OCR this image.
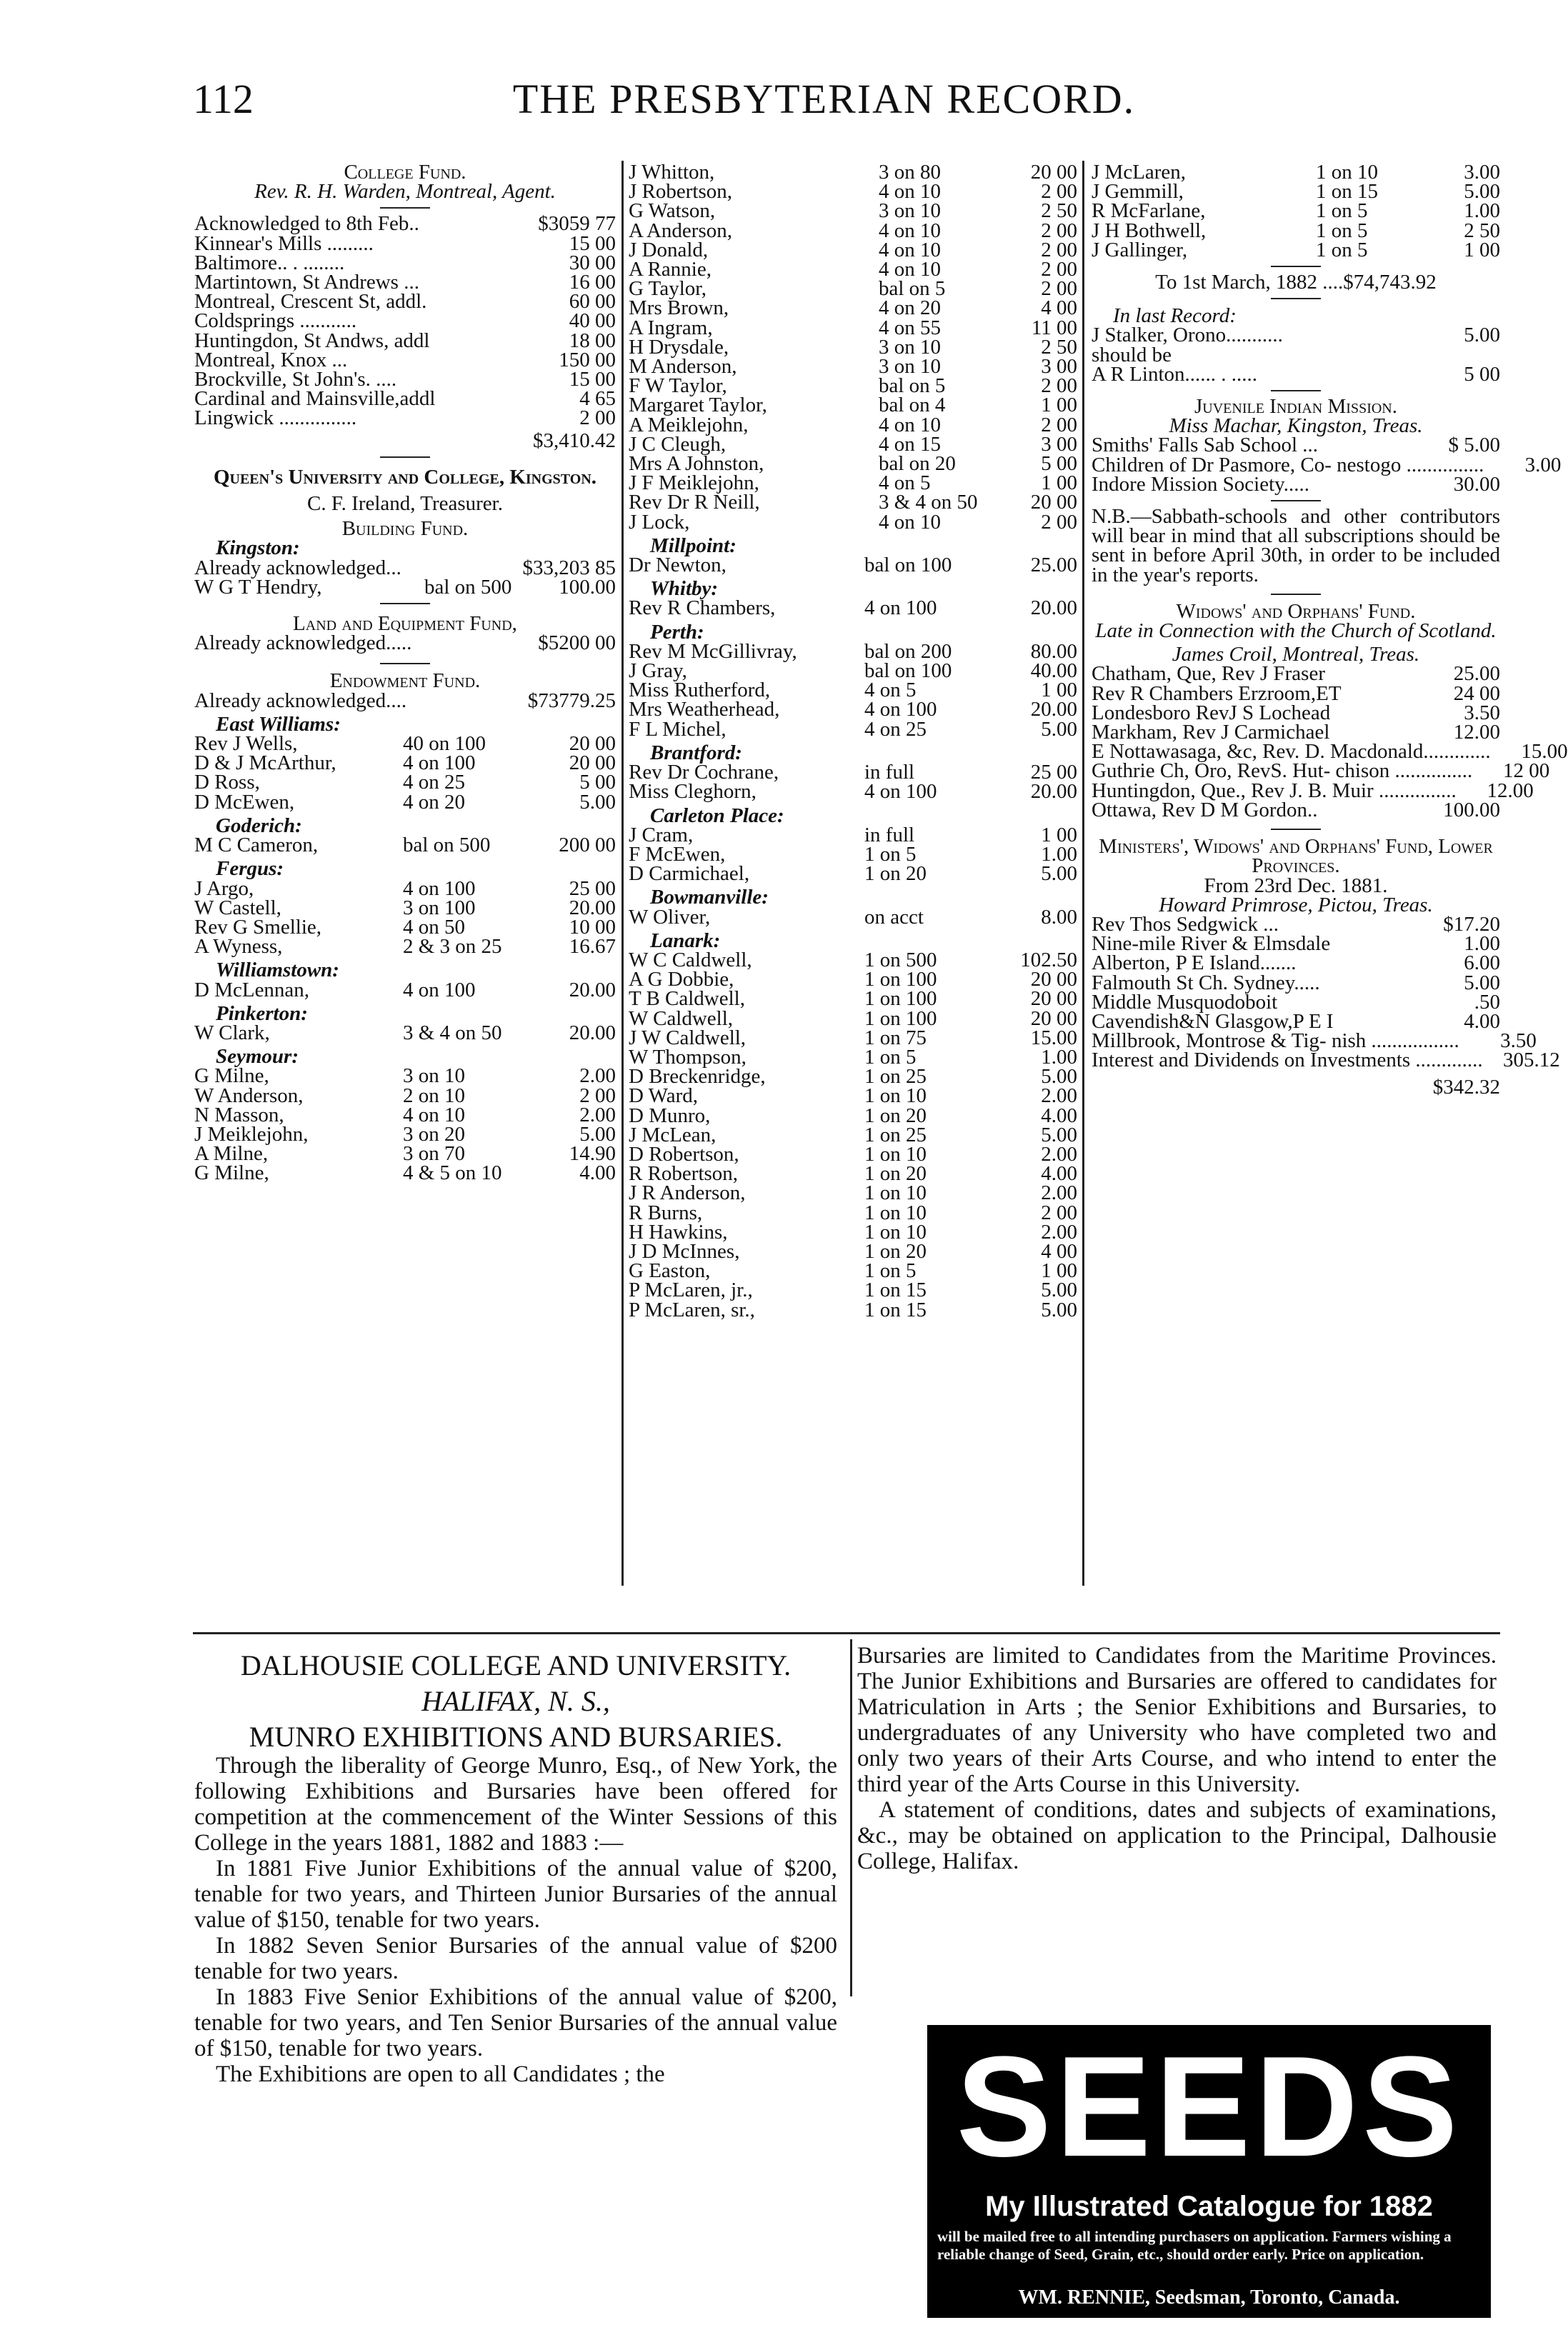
112	THE PRESBYTERIAN RECORD.
College Fund.
Rev. R. H. Warden, Montreal, Agent.
Acknowledged to 8th Feb..	$3059 77
Kinnear's Mills .........	15 00
Baltimore.. . ........	30 00
Martintown, St Andrews ...	16 00
Montreal, Crescent St, addl.	60 00
Coldsprings ...........	40 00
Huntingdon, St Andws, addl	18 00
Montreal, Knox ...	150 00
Brockville, St John's. ....	15 00
Cardinal and Mainsville,addl	4 65
Lingwick ...............	2 00
$3,410.42
Queen's University and College, Kingston.
C. F. Ireland, Treasurer.
Building Fund.
Kingston:
Already acknowledged...	$33,203 85
W G T Hendry,	bal on 500	100.00
Land and Equipment Fund,
Already acknowledged.....	$5200 00
Endowment Fund.
Already acknowledged....	$73779.25
East Williams:
Rev J Wells,	40 on 100	20 00
D & J McArthur,	4 on 100	20 00
D Ross,	4 on 25	5 00
D McEwen,	4 on 20	5.00
Goderich:
M C Cameron,	bal on 500	200 00
Fergus:
J Argo,	4 on 100	25 00
W Castell,	3 on 100	20.00
Rev G Smellie,	4 on 50	10 00
A Wyness,	2 & 3 on 25	16.67
Williamstown:
D McLennan,	4 on 100	20.00
Pinkerton:
W Clark,	3 & 4 on 50	20.00
Seymour:
G Milne,	3 on 10	2.00
W Anderson,	2 on 10	2 00
N Masson,	4 on 10	2.00
J Meiklejohn,	3 on 20	5.00
A Milne,	3 on 70	14.90
G Milne,	4 & 5 on 10	4.00
J Whitton,	3 on 80	20 00
J Robertson,	4 on 10	2 00
G Watson,	3 on 10	2 50
A Anderson,	4 on 10	2 00
J Donald,	4 on 10	2 00
A Rannie,	4 on 10	2 00
G Taylor,	bal on 5	2 00
Mrs Brown,	4 on 20	4 00
A Ingram,	4 on 55	11 00
H Drysdale,	3 on 10	2 50
M Anderson,	3 on 10	3 00
F W Taylor,	bal on 5	2 00
Margaret Taylor,	bal on 4	1 00
A Meiklejohn,	4 on 10	2 00
J C Cleugh,	4 on 15	3 00
Mrs A Johnston,	bal on 20	5 00
J F Meiklejohn,	4 on 5	1 00
Rev Dr R Neill,	3 & 4 on 50	20 00
J Lock,	4 on 10	2 00
Millpoint:
Dr Newton,	bal on 100	25.00
Whitby:
Rev R Chambers,	4 on 100	20.00
Perth:
Rev M McGillivray,	bal on 200	80.00
J Gray,	bal on 100	40.00
Miss Rutherford,	4 on 5	1 00
Mrs Weatherhead,	4 on 100	20.00
F L Michel,	4 on 25	5.00
Brantford:
Rev Dr Cochrane,	in full	25 00
Miss Cleghorn,	4 on 100	20.00
Carleton Place:
J Cram,	in full	1 00
F McEwen,	1 on 5	1.00
D Carmichael,	1 on 20	5.00
Bowmanville:
W Oliver,	on acct	8.00
Lanark:
W C Caldwell,	1 on 500	102.50
A G Dobbie,	1 on 100	20 00
T B Caldwell,	1 on 100	20 00
W Caldwell,	1 on 100	20 00
J W Caldwell,	1 on 75	15.00
W Thompson,	1 on 5	1.00
D Breckenridge,	1 on 25	5.00
D Ward,	1 on 10	2.00
D Munro,	1 on 20	4.00
J McLean,	1 on 25	5.00
D Robertson,	1 on 10	2.00
R Robertson,	1 on 20	4.00
J R Anderson,	1 on 10	2.00
R Burns,	1 on 10	2 00
H Hawkins,	1 on 10	2.00
J D McInnes,	1 on 20	4 00
G Easton,	1 on 5	1 00
P McLaren, jr.,	1 on 15	5.00
P McLaren, sr.,	1 on 15	5.00
J McLaren,	1 on 10	3.00
J Gemmill,	1 on 15	5.00
R McFarlane,	1 on 5	1.00
J H Bothwell,	1 on 5	2 50
J Gallinger,	1 on 5	1 00
To 1st March, 1882 ....$74,743.92
In last Record:
J Stalker, Orono...........	5.00
should be
A R Linton...... . .....	5 00
Juvenile Indian Mission.
Miss Machar, Kingston, Treas.
Smiths' Falls Sab School ...	$ 5.00
Children of Dr Pasmore, Co- nestogo ...............	3.00
Indore Mission Society.....	30.00
N.B.—Sabbath-schools and other contributors will bear in mind that all subscriptions should be sent in before April 30th, in order to be included in the year's reports.
Widows' and Orphans' Fund.
Late in Connection with the Church of Scotland.
James Croil, Montreal, Treas.
Chatham, Que, Rev J Fraser	25.00
Rev R Chambers Erzroom,ET	24 00
Londesboro RevJ S Lochead	3.50
Markham, Rev J Carmichael	12.00
E Nottawasaga, &c, Rev. D. Macdonald.............	15.00
Guthrie Ch, Oro, RevS. Hut- chison ...............	12 00
Huntingdon, Que., Rev J. B. Muir ...............	12.00
Ottawa, Rev D M Gordon..	100.00
Ministers', Widows' and Orphans' Fund, Lower Provinces.
From 23rd Dec. 1881.
Howard Primrose, Pictou, Treas.
Rev Thos Sedgwick ...	$17.20
Nine-mile River & Elmsdale	1.00
Alberton, P E Island.......	6.00
Falmouth St Ch. Sydney.....	5.00
Middle Musquodoboit	.50
Cavendish&N Glasgow,P E I	4.00
Millbrook, Montrose & Tig- nish .................	3.50
Interest and Dividends on Investments ............. 305.12
$342.32
DALHOUSIE COLLEGE AND UNIVERSITY.
HALIFAX, N. S.,
MUNRO EXHIBITIONS AND BURSARIES.
Through the liberality of George Munro, Esq., of New York, the following Exhibitions and Bursaries have been offered for competition at the commencement of the Winter Sessions of this College in the years 1881, 1882 and 1883 :—
In 1881 Five Junior Exhibitions of the annual value of $200, tenable for two years, and Thirteen Junior Bursaries of the annual value of $150, tenable for two years.
In 1882 Seven Senior Bursaries of the annual value of $200 tenable for two years.
In 1883 Five Senior Exhibitions of the annual value of $200, tenable for two years, and Ten Senior Bursaries of the annual value of $150, tenable for two years.
The Exhibitions are open to all Candidates ; the
Bursaries are limited to Candidates from the Maritime Provinces. The Junior Exhibitions and Bursaries are offered to candidates for Matriculation in Arts ; the Senior Exhibitions and Bursaries, to undergraduates of any University who have completed two and only two years of their Arts Course, and who intend to enter the third year of the Arts Course in this University.
A statement of conditions, dates and subjects of examinations, &c., may be obtained on application to the Principal, Dalhousie College, Halifax.
SEEDS
My Illustrated Catalogue for 1882
will be mailed free to all intending purchasers on application. Farmers wishing a reliable change of Seed, Grain, etc., should order early. Price on application.
WM. RENNIE, Seedsman, Toronto, Canada.
